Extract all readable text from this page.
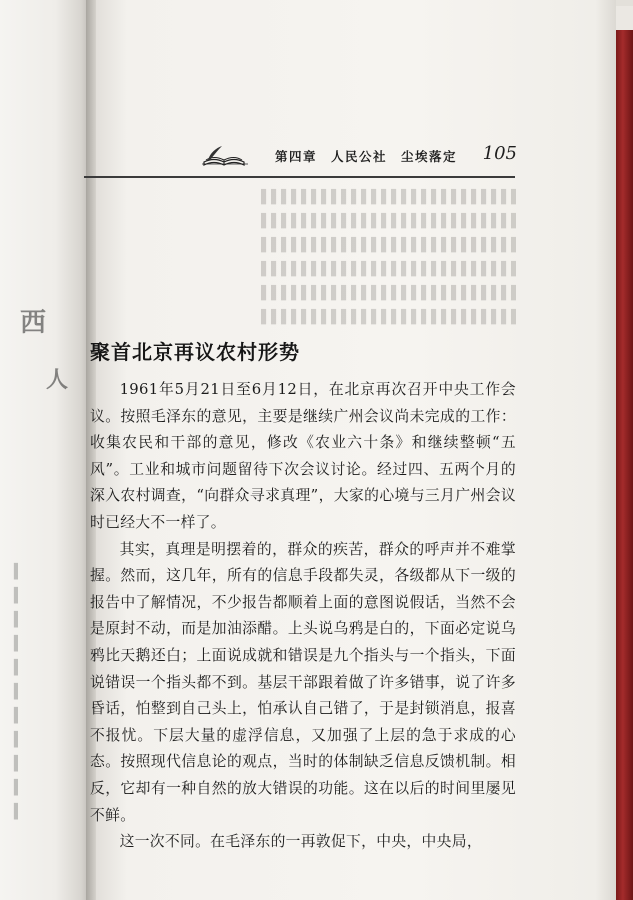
西
人
▍
▍
▍
▍
▍
▍
▍
▍
▍
▍
▍
▌▌▌▌▌▌▌▌▌▌▌▌▌▌▌▌▌▌▌▌▌▌▌▌▌▌
▌▌▌▌▌▌▌▌▌▌▌▌▌▌▌▌▌▌▌▌▌▌▌▌▌▌
▌▌▌▌▌▌▌▌▌▌▌▌▌▌▌▌▌▌▌▌▌▌▌▌▌▌
▌▌▌▌▌▌▌▌▌▌▌▌▌▌▌▌▌▌▌▌▌▌▌▌▌▌
▌▌▌▌▌▌▌▌▌▌▌▌▌▌▌▌▌▌▌▌▌▌▌▌▌▌
▌▌▌▌▌▌▌▌▌▌▌▌▌▌▌▌▌▌▌▌▌▌▌▌▌▌
第四章 人民公社 尘埃落定 105
聚首北京再议农村形势

1961年5月21日至6月12日，在北京再次召开中央工作会议。按照毛泽东的意见，主要是继续广州会议尚未完成的工作：收集农民和干部的意见，修改《农业六十条》和继续整顿“五风”。工业和城市问题留待下次会议讨论。经过四、五两个月的深入农村调查，“向群众寻求真理”，大家的心境与三月广州会议时已经大不一样了。

其实，真理是明摆着的，群众的疾苦，群众的呼声并不难掌握。然而，这几年，所有的信息手段都失灵，各级都从下一级的报告中了解情况，不少报告都顺着上面的意图说假话，当然不会是原封不动，而是加油添醋。上头说乌鸦是白的，下面必定说乌鸦比天鹅还白；上面说成就和错误是九个指头与一个指头，下面说错误一个指头都不到。基层干部跟着做了许多错事，说了许多昏话，怕整到自己头上，怕承认自己错了，于是封锁消息，报喜不报忧。下层大量的虚浮信息，又加强了上层的急于求成的心态。按照现代信息论的观点，当时的体制缺乏信息反馈机制。相反，它却有一种自然的放大错误的功能。这在以后的时间里屡见不鲜。

这一次不同。在毛泽东的一再敦促下，中央，中央局，
